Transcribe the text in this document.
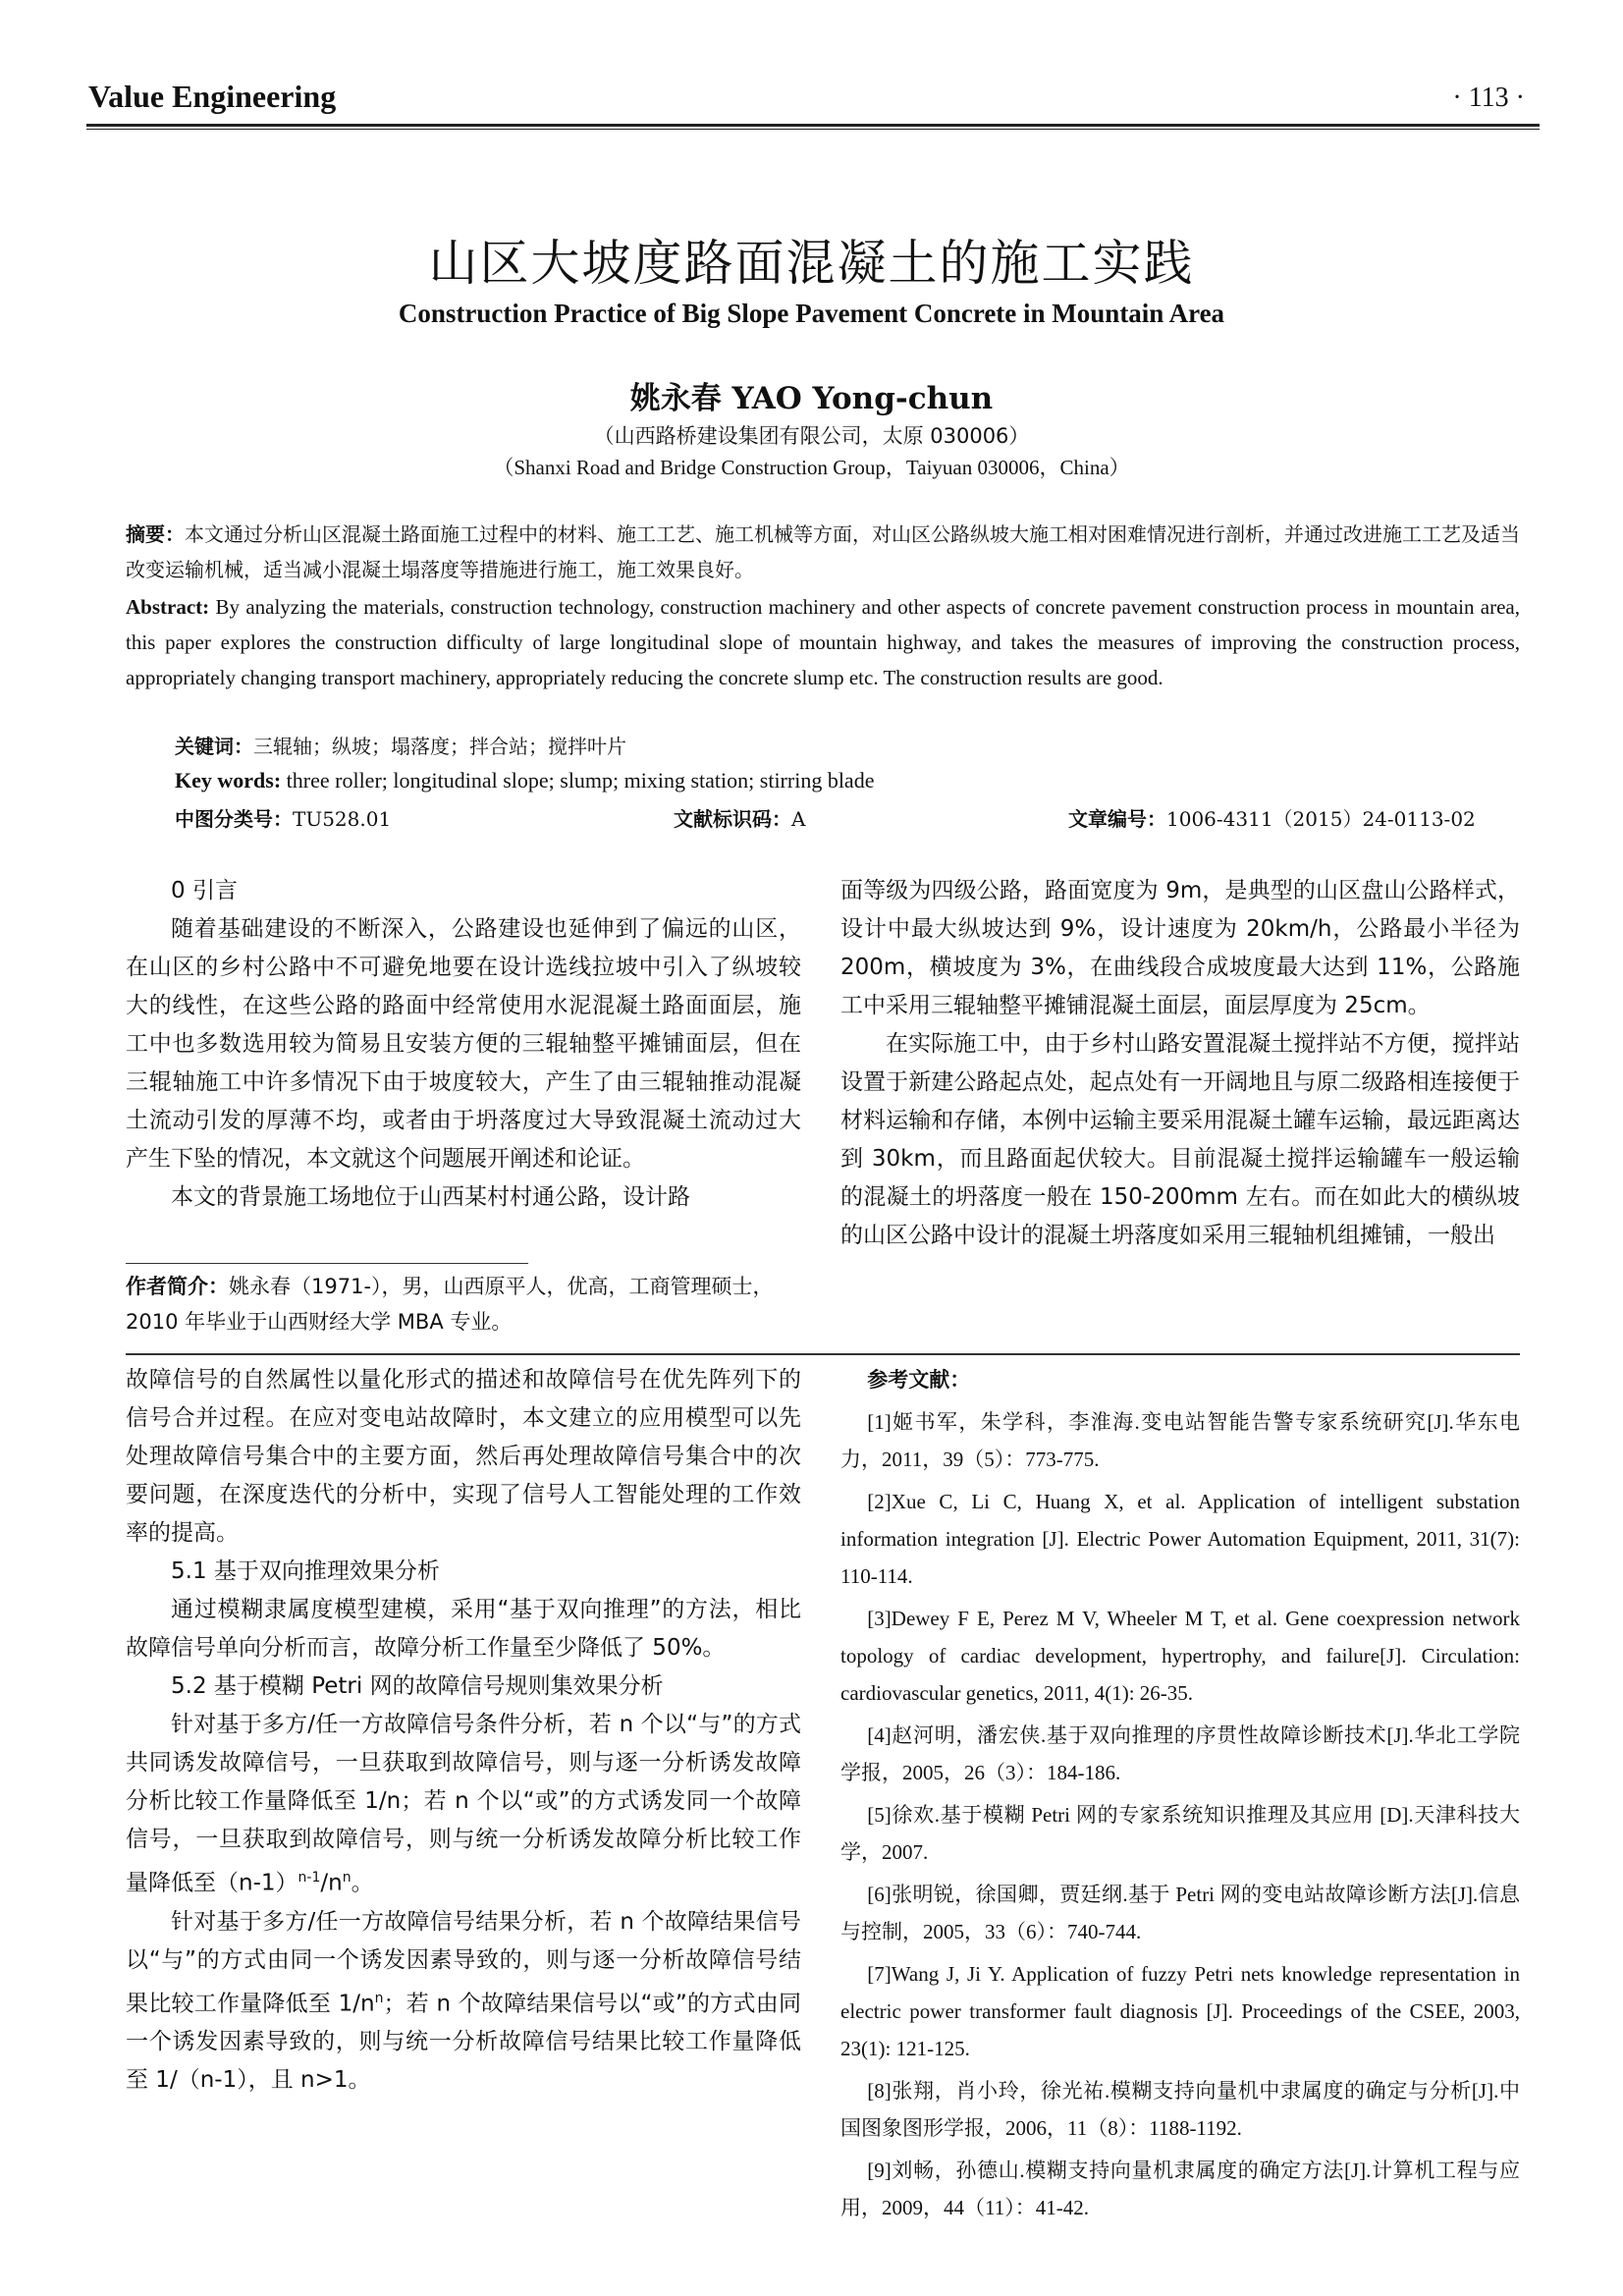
Value Engineering	· 113 ·
山区大坡度路面混凝土的施工实践
Construction Practice of Big Slope Pavement Concrete in Mountain Area
姚永春 YAO Yong-chun
（山西路桥建设集团有限公司，太原 030006）
（Shanxi Road and Bridge Construction Group，Taiyuan 030006，China）
摘要：本文通过分析山区混凝土路面施工过程中的材料、施工工艺、施工机械等方面，对山区公路纵坡大施工相对困难情况进行剖析，并通过改进施工工艺及适当改变运输机械，适当减小混凝土塌落度等措施进行施工，施工效果良好。
Abstract: By analyzing the materials, construction technology, construction machinery and other aspects of concrete pavement construction process in mountain area, this paper explores the construction difficulty of large longitudinal slope of mountain highway, and takes the measures of improving the construction process, appropriately changing transport machinery, appropriately reducing the concrete slump etc. The construction results are good.
关键词：三辊轴；纵坡；塌落度；拌合站；搅拌叶片
Key words: three roller; longitudinal slope; slump; mixing station; stirring blade
中图分类号：TU528.01	文献标识码：A	文章编号：1006-4311（2015）24-0113-02

0 引言

随着基础建设的不断深入，公路建设也延伸到了偏远的山区，在山区的乡村公路中不可避免地要在设计选线拉坡中引入了纵坡较大的线性，在这些公路的路面中经常使用水泥混凝土路面面层，施工中也多数选用较为简易且安装方便的三辊轴整平摊铺面层，但在三辊轴施工中许多情况下由于坡度较大，产生了由三辊轴推动混凝土流动引发的厚薄不均，或者由于坍落度过大导致混凝土流动过大产生下坠的情况，本文就这个问题展开阐述和论证。

本文的背景施工场地位于山西某村村通公路，设计路

作者简介：姚永春（1971-），男，山西原平人，优高，工商管理硕士，2010 年毕业于山西财经大学 MBA 专业。

面等级为四级公路，路面宽度为 9m，是典型的山区盘山公路样式，设计中最大纵坡达到 9%，设计速度为 20km/h，公路最小半径为 200m，横坡度为 3%，在曲线段合成坡度最大达到 11%，公路施工中采用三辊轴整平摊铺混凝土面层，面层厚度为 25cm。

在实际施工中，由于乡村山路安置混凝土搅拌站不方便，搅拌站设置于新建公路起点处，起点处有一开阔地且与原二级路相连接便于材料运输和存储，本例中运输主要采用混凝土罐车运输，最远距离达到 30km，而且路面起伏较大。目前混凝土搅拌运输罐车一般运输的混凝土的坍落度一般在 150-200mm 左右。而在如此大的横纵坡的山区公路中设计的混凝土坍落度如采用三辊轴机组摊铺，一般出

故障信号的自然属性以量化形式的描述和故障信号在优先阵列下的信号合并过程。在应对变电站故障时，本文建立的应用模型可以先处理故障信号集合中的主要方面，然后再处理故障信号集合中的次要问题，在深度迭代的分析中，实现了信号人工智能处理的工作效率的提高。

5.1 基于双向推理效果分析

通过模糊隶属度模型建模，采用“基于双向推理”的方法，相比故障信号单向分析而言，故障分析工作量至少降低了 50%。

5.2 基于模糊 Petri 网的故障信号规则集效果分析

针对基于多方/任一方故障信号条件分析，若 n 个以“与”的方式共同诱发故障信号，一旦获取到故障信号，则与逐一分析诱发故障分析比较工作量降低至 1/n；若 n 个以“或”的方式诱发同一个故障信号，一旦获取到故障信号，则与统一分析诱发故障分析比较工作量降低至$(n-1)^{n-1}/n^n$。

针对基于多方/任一方故障信号结果分析，若 n 个故障结果信号以“与”的方式由同一个诱发因素导致的，则与逐一分析故障信号结果比较工作量降低至 $1/n^n$；若 n 个故障结果信号以“或”的方式由同一个诱发因素导致的，则与统一分析故障信号结果比较工作量降低至 1/（n-1），且 n>1。

参考文献：

[1]姬书军，朱学科，李淮海.变电站智能告警专家系统研究[J].华东电力，2011，39（5）：773-775.

[2]Xue C, Li C, Huang X, et al. Application of intelligent substation information integration [J]. Electric Power Automation Equipment, 2011, 31(7): 110-114.

[3]Dewey F E, Perez M V, Wheeler M T, et al. Gene coexpression network topology of cardiac development, hypertrophy, and failure[J]. Circulation: cardiovascular genetics, 2011, 4(1): 26-35.

[4]赵河明，潘宏侠.基于双向推理的序贯性故障诊断技术[J].华北工学院学报，2005，26（3）：184-186.

[5]徐欢.基于模糊 Petri 网的专家系统知识推理及其应用 [D].天津科技大学，2007.

[6]张明锐，徐国卿，贾廷纲.基于 Petri 网的变电站故障诊断方法[J].信息与控制，2005，33（6）：740-744.

[7]Wang J, Ji Y. Application of fuzzy Petri nets knowledge representation in electric power transformer fault diagnosis [J]. Proceedings of the CSEE, 2003, 23(1): 121-125.

[8]张翔，肖小玲，徐光祐.模糊支持向量机中隶属度的确定与分析[J].中国图象图形学报，2006，11（8）：1188-1192.

[9]刘畅，孙德山.模糊支持向量机隶属度的确定方法[J].计算机工程与应用，2009，44（11）：41-42.
